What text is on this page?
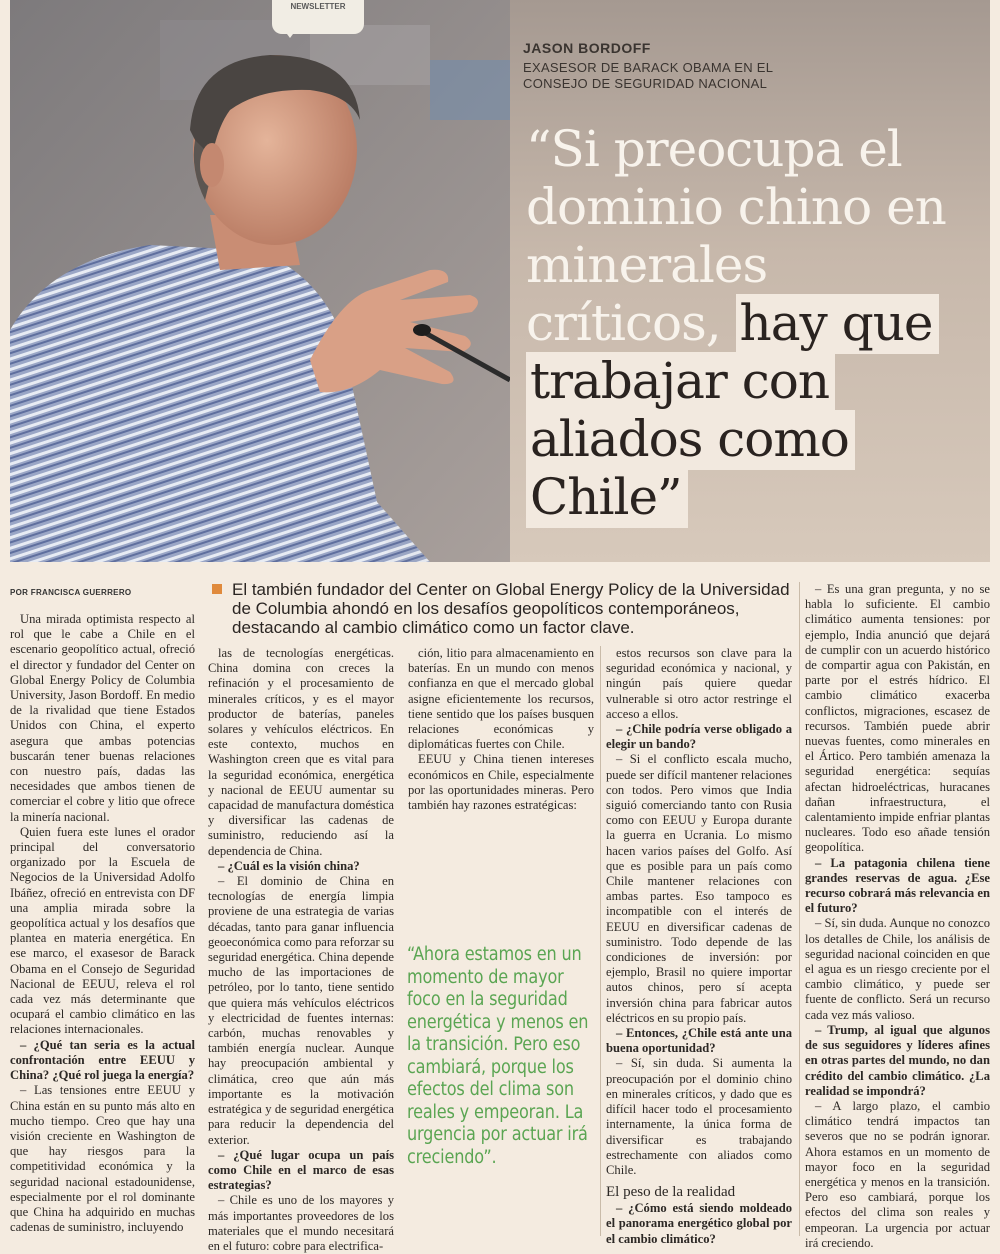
NEWSLETTER
JASON BORDOFF
EXASESOR DE BARACK OBAMA EN EL CONSEJO DE SEGURIDAD NACIONAL
“Si preocupa el dominio chino en minerales críticos, hay que trabajar con aliados como Chile”
POR FRANCISCA GUERRERO	El también fundador del Center on Global Energy Policy de la Universidad de Columbia ahondó en los desafíos geopolíticos contemporáneos, destacando al cambio climático como un factor clave.

Una mirada optimista respecto al rol que le cabe a Chile en el escenario geopolítico actual, ofreció el director y fundador del Center on Global Energy Policy de Columbia University, Jason Bordoff. En medio de la rivalidad que tiene Estados Unidos con China, el experto asegura que ambas potencias buscarán tener buenas relaciones con nuestro país, dadas las necesidades que ambos tienen de comerciar el cobre y litio que ofrece la minería nacional.

Quien fuera este lunes el orador principal del conversatorio organizado por la Escuela de Negocios de la Universidad Adolfo Ibáñez, ofreció en entrevista con DF una amplia mirada sobre la geopolítica actual y los desafíos que plantea en materia energética. En ese marco, el exasesor de Barack Obama en el Consejo de Seguridad Nacional de EEUU, releva el rol cada vez más determinante que ocupará el cambio climático en las relaciones internacionales.

– ¿Qué tan seria es la actual confrontación entre EEUU y China? ¿Qué rol juega la energía?

– Las tensiones entre EEUU y China están en su punto más alto en mucho tiempo. Creo que hay una visión creciente en Washington de que hay riesgos para la competitividad económica y la seguridad nacional estadounidense, especialmente por el rol dominante que China ha adquirido en muchas cadenas de suministro, incluyendo

las de tecnologías energéticas. China domina con creces la refinación y el procesamiento de minerales críticos, y es el mayor productor de baterías, paneles solares y vehículos eléctricos. En este contexto, muchos en Washington creen que es vital para la seguridad económica, energética y nacional de EEUU aumentar su capacidad de manufactura doméstica y diversificar las cadenas de suministro, reduciendo así la dependencia de China.

– ¿Cuál es la visión china?

– El dominio de China en tecnologías de energía limpia proviene de una estrategia de varias décadas, tanto para ganar influencia geoeconómica como para reforzar su seguridad energética. China depende mucho de las importaciones de petróleo, por lo tanto, tiene sentido que quiera más vehículos eléctricos y electricidad de fuentes internas: carbón, muchas renovables y también energía nuclear. Aunque hay preocupación ambiental y climática, creo que aún más importante es la motivación estratégica y de seguridad energética para reducir la dependencia del exterior.

– ¿Qué lugar ocupa un país como Chile en el marco de esas estrategias?

– Chile es uno de los mayores y más importantes proveedores de los materiales que el mundo necesitará en el futuro: cobre para electrifica-

ción, litio para almacenamiento en baterías. En un mundo con menos confianza en que el mercado global asigne eficientemente los recursos, tiene sentido que los países busquen relaciones económicas y diplomáticas fuertes con Chile.

EEUU y China tienen intereses económicos en Chile, especialmente por las oportunidades mineras. Pero también hay razones estratégicas:

“Ahora estamos en un momento de mayor foco en la seguridad energética y menos en la transición. Pero eso cambiará, porque los efectos del clima son reales y empeoran. La urgencia por actuar irá creciendo”.

estos recursos son clave para la seguridad económica y nacional, y ningún país quiere quedar vulnerable si otro actor restringe el acceso a ellos.

– ¿Chile podría verse obligado a elegir un bando?

– Si el conflicto escala mucho, puede ser difícil mantener relaciones con todos. Pero vimos que India siguió comerciando tanto con Rusia como con EEUU y Europa durante la guerra en Ucrania. Lo mismo hacen varios países del Golfo. Así que es posible para un país como Chile mantener relaciones con ambas partes. Eso tampoco es incompatible con el interés de EEUU en diversificar cadenas de suministro. Todo depende de las condiciones de inversión: por ejemplo, Brasil no quiere importar autos chinos, pero sí acepta inversión china para fabricar autos eléctricos en su propio país.

– Entonces, ¿Chile está ante una buena oportunidad?

– Sí, sin duda. Si aumenta la preocupación por el dominio chino en minerales críticos, y dado que es difícil hacer todo el procesamiento internamente, la única forma de diversificar es trabajando estrechamente con aliados como Chile.

El peso de la realidad

– ¿Cómo está siendo moldeado el panorama energético global por el cambio climático?

– Es una gran pregunta, y no se habla lo suficiente. El cambio climático aumenta tensiones: por ejemplo, India anunció que dejará de cumplir con un acuerdo histórico de compartir agua con Pakistán, en parte por el estrés hídrico. El cambio climático exacerba conflictos, migraciones, escasez de recursos. También puede abrir nuevas fuentes, como minerales en el Ártico. Pero también amenaza la seguridad energética: sequías afectan hidroeléctricas, huracanes dañan infraestructura, el calentamiento impide enfriar plantas nucleares. Todo eso añade tensión geopolítica.

– La patagonia chilena tiene grandes reservas de agua. ¿Ese recurso cobrará más relevancia en el futuro?

– Sí, sin duda. Aunque no conozco los detalles de Chile, los análisis de seguridad nacional coinciden en que el agua es un riesgo creciente por el cambio climático, y puede ser fuente de conflicto. Será un recurso cada vez más valioso.

– Trump, al igual que algunos de sus seguidores y líderes afines en otras partes del mundo, no dan crédito del cambio climático. ¿La realidad se impondrá?

– A largo plazo, el cambio climático tendrá impactos tan severos que no se podrán ignorar. Ahora estamos en un momento de mayor foco en la seguridad energética y menos en la transición. Pero eso cambiará, porque los efectos del clima son reales y empeoran. La urgencia por actuar irá creciendo.
